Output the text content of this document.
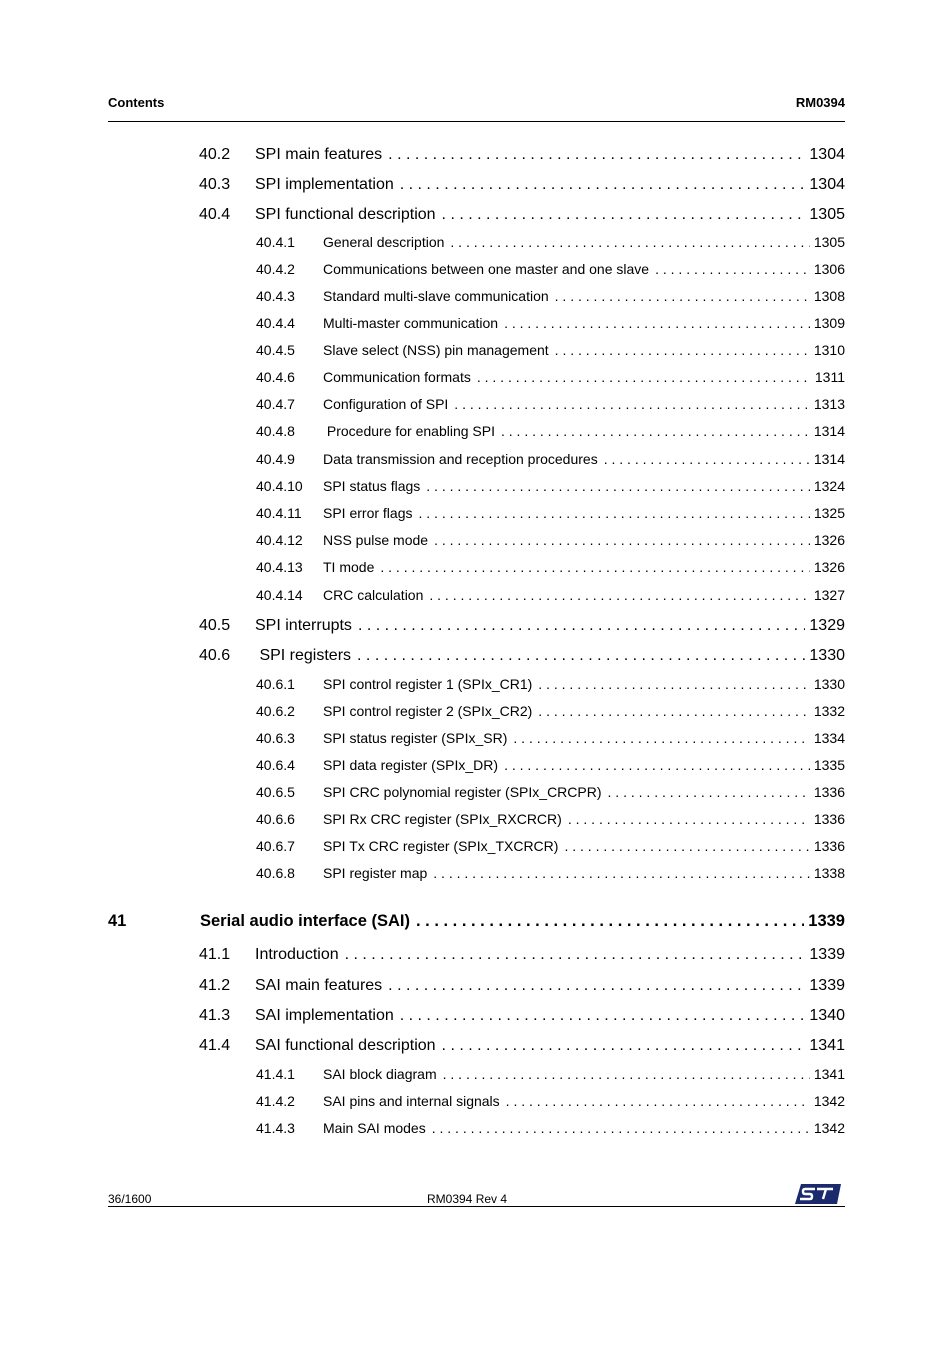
Contents	RM0394
40.2	SPI main features . . .	1304
40.3	SPI implementation . . .	1304
40.4	SPI functional description . . .	1305
40.4.1	General description . . .	1305
40.4.2	Communications between one master and one slave . . .	1306
40.4.3	Standard multi-slave communication . . .	1308
40.4.4	Multi-master communication . . .	1309
40.4.5	Slave select (NSS) pin management . . .	1310
40.4.6	Communication formats . . .	1311
40.4.7	Configuration of SPI . . .	1313
40.4.8	Procedure for enabling SPI . . .	1314
40.4.9	Data transmission and reception procedures . . .	1314
40.4.10	SPI status flags . . .	1324
40.4.11	SPI error flags . . .	1325
40.4.12	NSS pulse mode . . .	1326
40.4.13	TI mode . . .	1326
40.4.14	CRC calculation . . .	1327
40.5	SPI interrupts . . .	1329
40.6	SPI registers . . .	1330
40.6.1	SPI control register 1 (SPIx_CR1) . . .	1330
40.6.2	SPI control register 2 (SPIx_CR2) . . .	1332
40.6.3	SPI status register (SPIx_SR) . . .	1334
40.6.4	SPI data register (SPIx_DR) . . .	1335
40.6.5	SPI CRC polynomial register (SPIx_CRCPR) . . .	1336
40.6.6	SPI Rx CRC register (SPIx_RXCRCR) . . .	1336
40.6.7	SPI Tx CRC register (SPIx_TXCRCR) . . .	1336
40.6.8	SPI register map . . .	1338
41	Serial audio interface (SAI) . . .	1339
41.1	Introduction . . .	1339
41.2	SAI main features . . .	1339
41.3	SAI implementation . . .	1340
41.4	SAI functional description . . .	1341
41.4.1	SAI block diagram . . .	1341
41.4.2	SAI pins and internal signals . . .	1342
41.4.3	Main SAI modes . . .	1342
36/1600	RM0394 Rev 4
